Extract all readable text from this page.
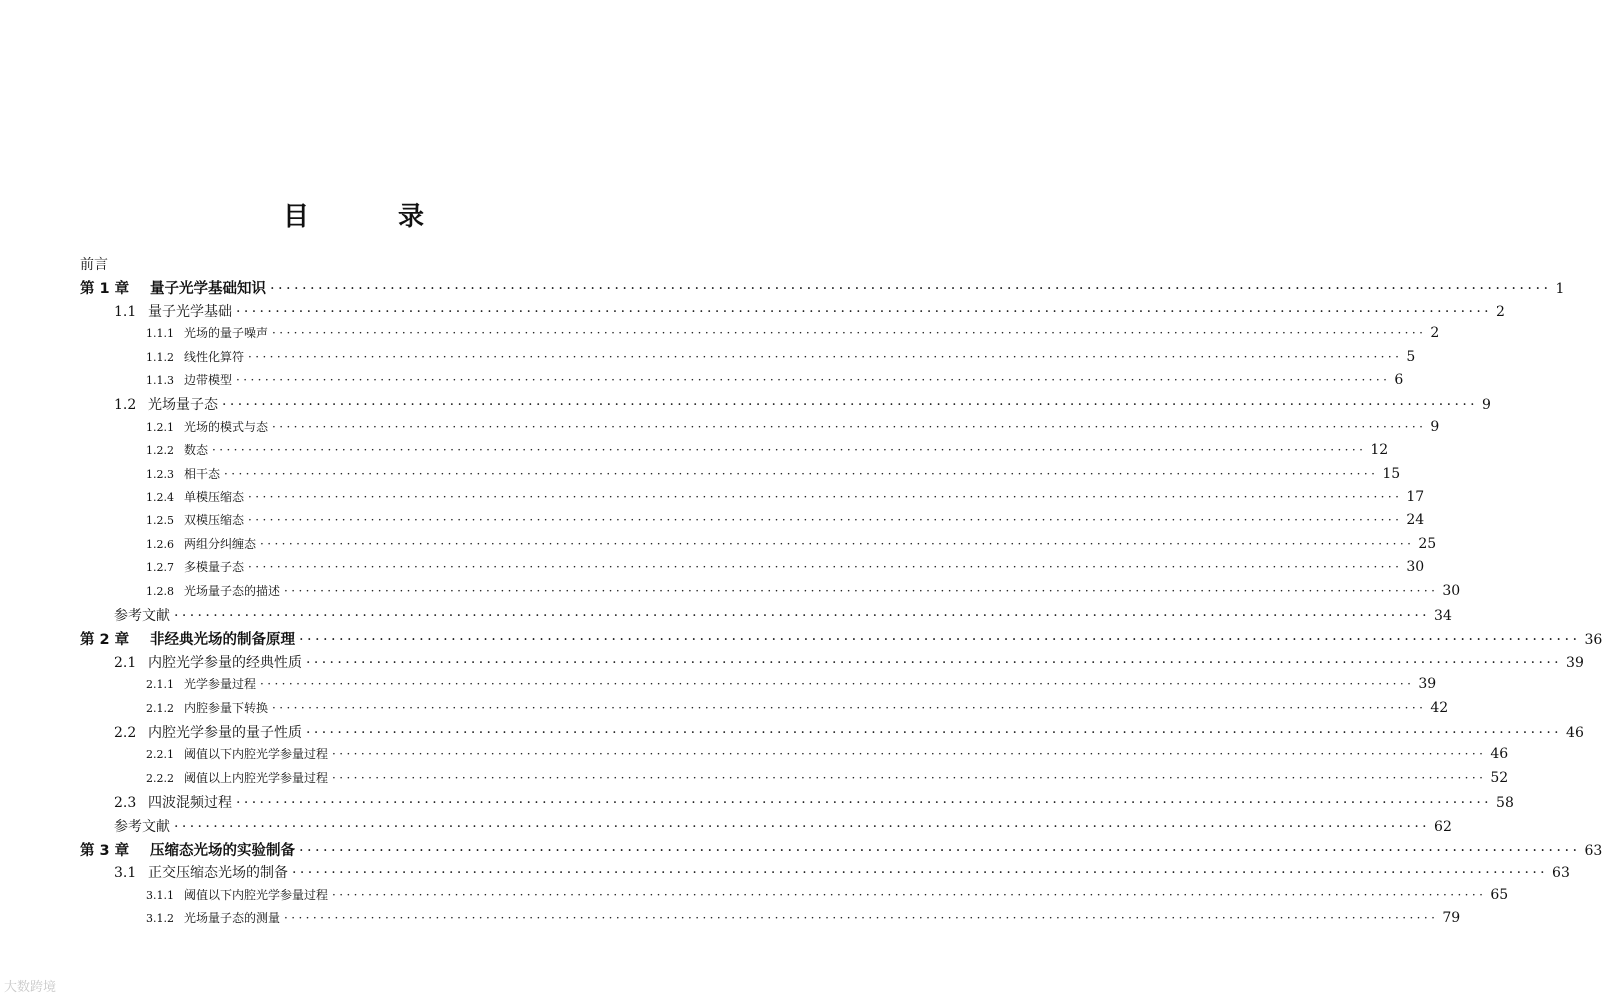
目 录
前言
第 1 章	量子光学基础知识 ································································································································································ 1
1.1 量子光学基础 ································································································································································ 2
1.1.1 光场的量子噪声 ································································································································································ 2
1.1.2 线性化算符 ································································································································································ 5
1.1.3 边带模型 ································································································································································ 6
1.2 光场量子态 ································································································································································ 9
1.2.1 光场的模式与态 ································································································································································ 9
1.2.2 数态 ································································································································································ 12
1.2.3 相干态 ································································································································································ 15
1.2.4 单模压缩态 ································································································································································ 17
1.2.5 双模压缩态 ································································································································································ 24
1.2.6 两组分纠缠态 ································································································································································ 25
1.2.7 多模量子态 ································································································································································ 30
1.2.8 光场量子态的描述 ································································································································································ 30
参考文献 ································································································································································ 34
第 2 章	非经典光场的制备原理 ································································································································································ 36
2.1 内腔光学参量的经典性质 ································································································································································ 39
2.1.1 光学参量过程 ································································································································································ 39
2.1.2 内腔参量下转换 ································································································································································ 42
2.2 内腔光学参量的量子性质 ································································································································································ 46
2.2.1 阈值以下内腔光学参量过程 ································································································································································ 46
2.2.2 阈值以上内腔光学参量过程 ································································································································································ 52
2.3 四波混频过程 ································································································································································ 58
参考文献 ································································································································································ 62
第 3 章	压缩态光场的实验制备 ································································································································································ 63
3.1 正交压缩态光场的制备 ································································································································································ 63
3.1.1 阈值以下内腔光学参量过程 ································································································································································ 65
3.1.2 光场量子态的测量 ································································································································································ 79
大数跨境
